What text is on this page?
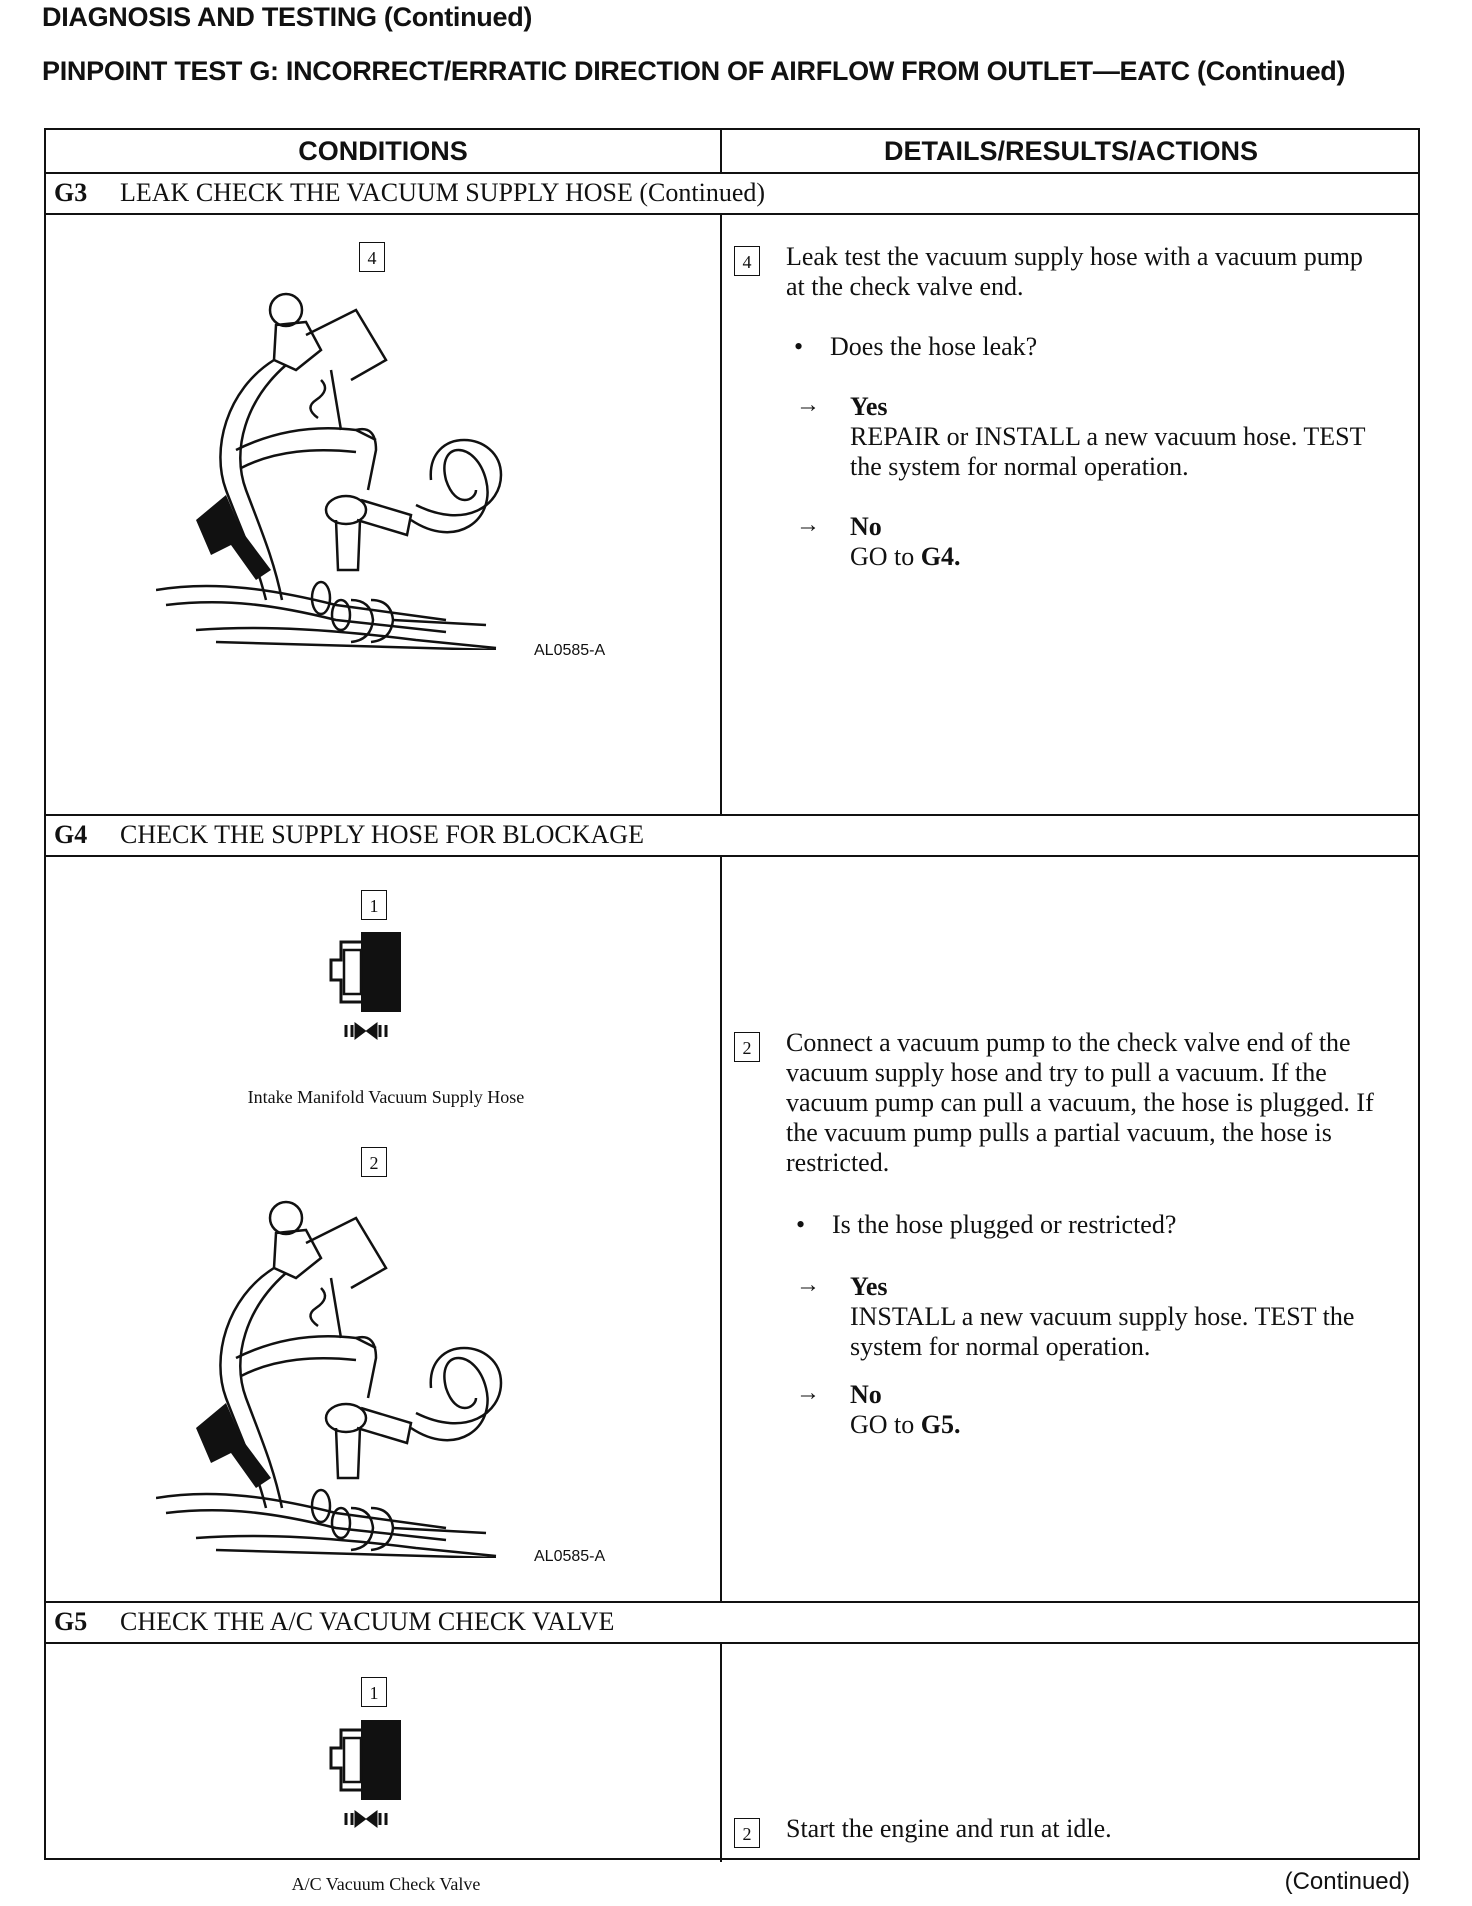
DIAGNOSIS AND TESTING (Continued)
PINPOINT TEST G: INCORRECT/ERRATIC DIRECTION OF AIRFLOW FROM OUTLET—EATC (Continued)
CONDITIONS	DETAILS/RESULTS/ACTIONS
G3 LEAK CHECK THE VACUUM SUPPLY HOSE (Continued)
4
AL0585-A
4	Leak test the vacuum supply hose with a vacuum pump at the check valve end.
• Does the hose leak?
→ Yes
REPAIR or INSTALL a new vacuum hose. TEST the system for normal operation.
→ No
GO to G4.
G4 CHECK THE SUPPLY HOSE FOR BLOCKAGE
1
Intake Manifold Vacuum Supply Hose
2
AL0585-A
2	Connect a vacuum pump to the check valve end of the vacuum supply hose and try to pull a vacuum. If the vacuum pump can pull a vacuum, the hose is plugged. If the vacuum pump pulls a partial vacuum, the hose is restricted.
• Is the hose plugged or restricted?
→ Yes
INSTALL a new vacuum supply hose. TEST the system for normal operation.
→ No
GO to G5.
G5 CHECK THE A/C VACUUM CHECK VALVE
1
A/C Vacuum Check Valve
2	Start the engine and run at idle.
(Continued)
